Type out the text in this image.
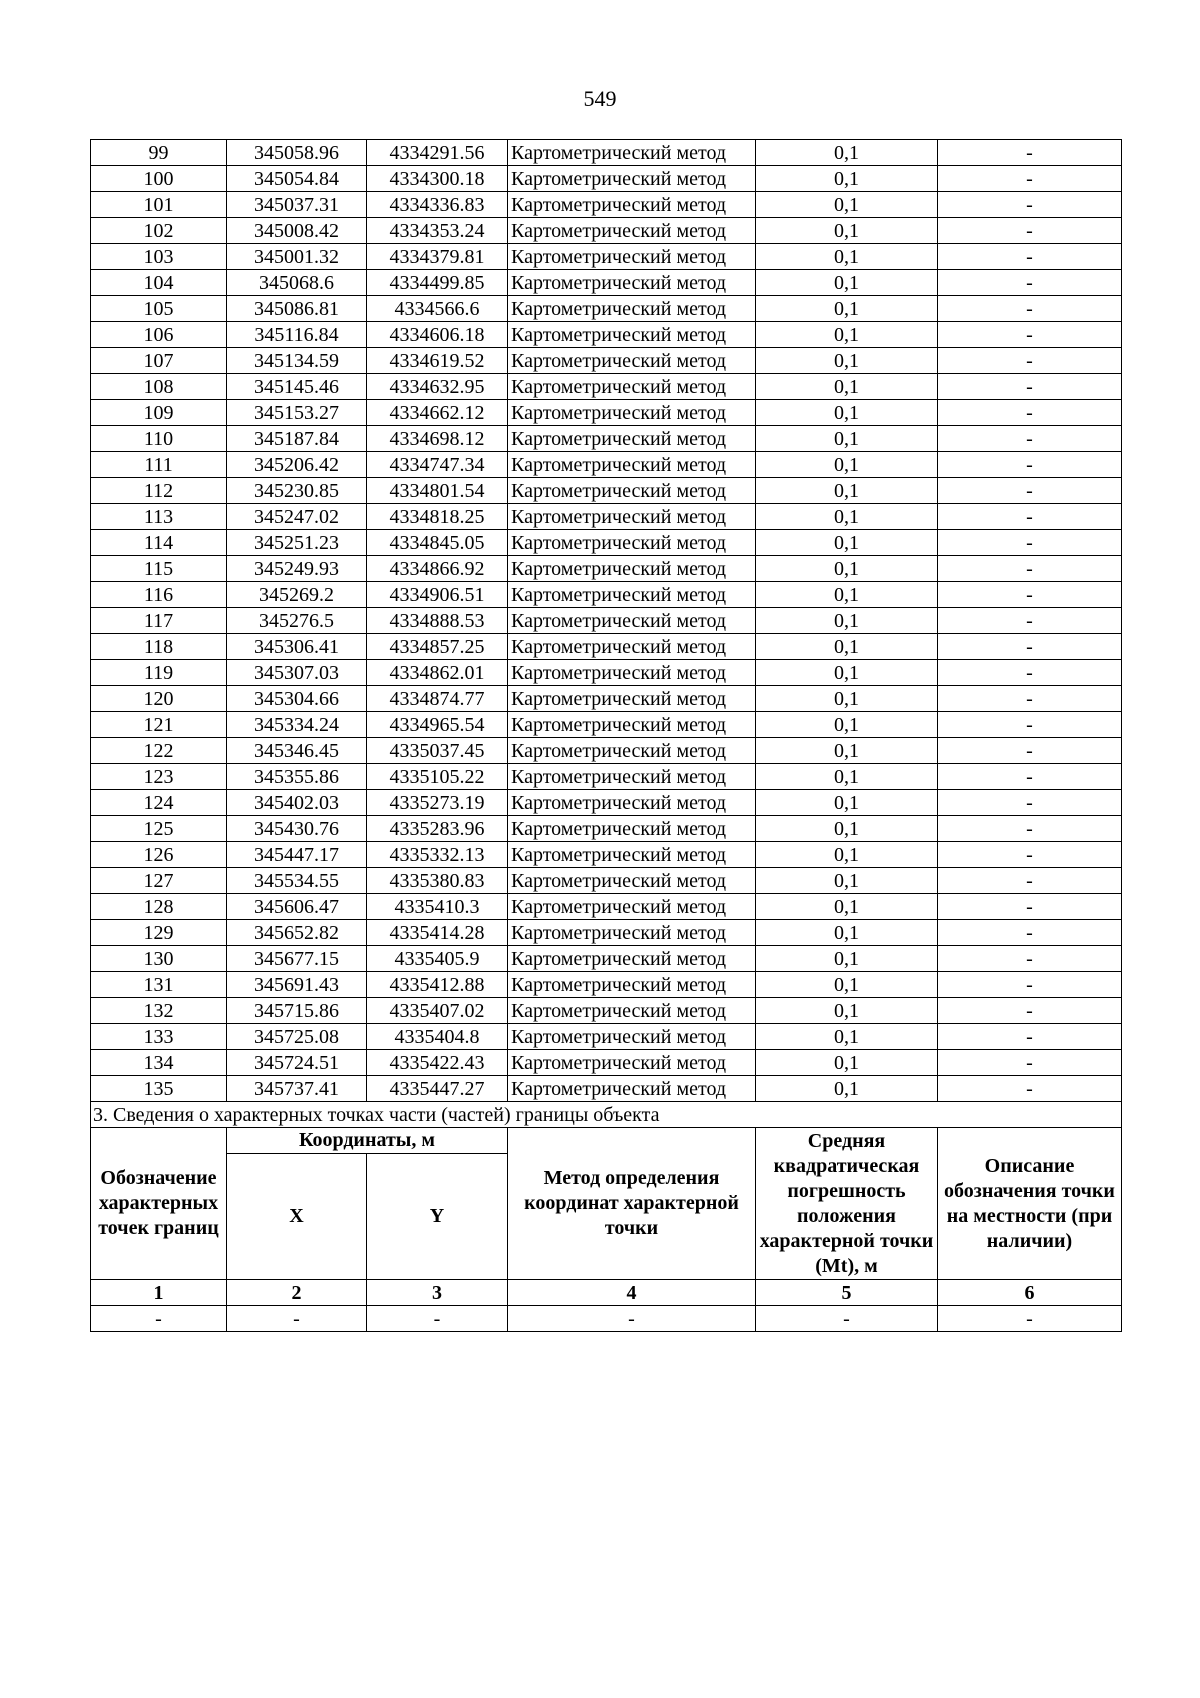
549
99	345058.96	4334291.56	Картометрический метод	0,1	-
100	345054.84	4334300.18	Картометрический метод	0,1	-
101	345037.31	4334336.83	Картометрический метод	0,1	-
102	345008.42	4334353.24	Картометрический метод	0,1	-
103	345001.32	4334379.81	Картометрический метод	0,1	-
104	345068.6	4334499.85	Картометрический метод	0,1	-
105	345086.81	4334566.6	Картометрический метод	0,1	-
106	345116.84	4334606.18	Картометрический метод	0,1	-
107	345134.59	4334619.52	Картометрический метод	0,1	-
108	345145.46	4334632.95	Картометрический метод	0,1	-
109	345153.27	4334662.12	Картометрический метод	0,1	-
110	345187.84	4334698.12	Картометрический метод	0,1	-
111	345206.42	4334747.34	Картометрический метод	0,1	-
112	345230.85	4334801.54	Картометрический метод	0,1	-
113	345247.02	4334818.25	Картометрический метод	0,1	-
114	345251.23	4334845.05	Картометрический метод	0,1	-
115	345249.93	4334866.92	Картометрический метод	0,1	-
116	345269.2	4334906.51	Картометрический метод	0,1	-
117	345276.5	4334888.53	Картометрический метод	0,1	-
118	345306.41	4334857.25	Картометрический метод	0,1	-
119	345307.03	4334862.01	Картометрический метод	0,1	-
120	345304.66	4334874.77	Картометрический метод	0,1	-
121	345334.24	4334965.54	Картометрический метод	0,1	-
122	345346.45	4335037.45	Картометрический метод	0,1	-
123	345355.86	4335105.22	Картометрический метод	0,1	-
124	345402.03	4335273.19	Картометрический метод	0,1	-
125	345430.76	4335283.96	Картометрический метод	0,1	-
126	345447.17	4335332.13	Картометрический метод	0,1	-
127	345534.55	4335380.83	Картометрический метод	0,1	-
128	345606.47	4335410.3	Картометрический метод	0,1	-
129	345652.82	4335414.28	Картометрический метод	0,1	-
130	345677.15	4335405.9	Картометрический метод	0,1	-
131	345691.43	4335412.88	Картометрический метод	0,1	-
132	345715.86	4335407.02	Картометрический метод	0,1	-
133	345725.08	4335404.8	Картометрический метод	0,1	-
134	345724.51	4335422.43	Картометрический метод	0,1	-
135	345737.41	4335447.27	Картометрический метод	0,1	-
3. Сведения о характерных точках части (частей) границы объекта					
Обозначение характерных точек границ	Координаты, м		Метод определения координат характерной точки	Средняя квадратическая погрешность положения характерной точки (Mt), м	Описание обозначения точки на местности (при наличии)
	X	Y			
1	2	3	4	5	6
-	-	-	-	-	-
